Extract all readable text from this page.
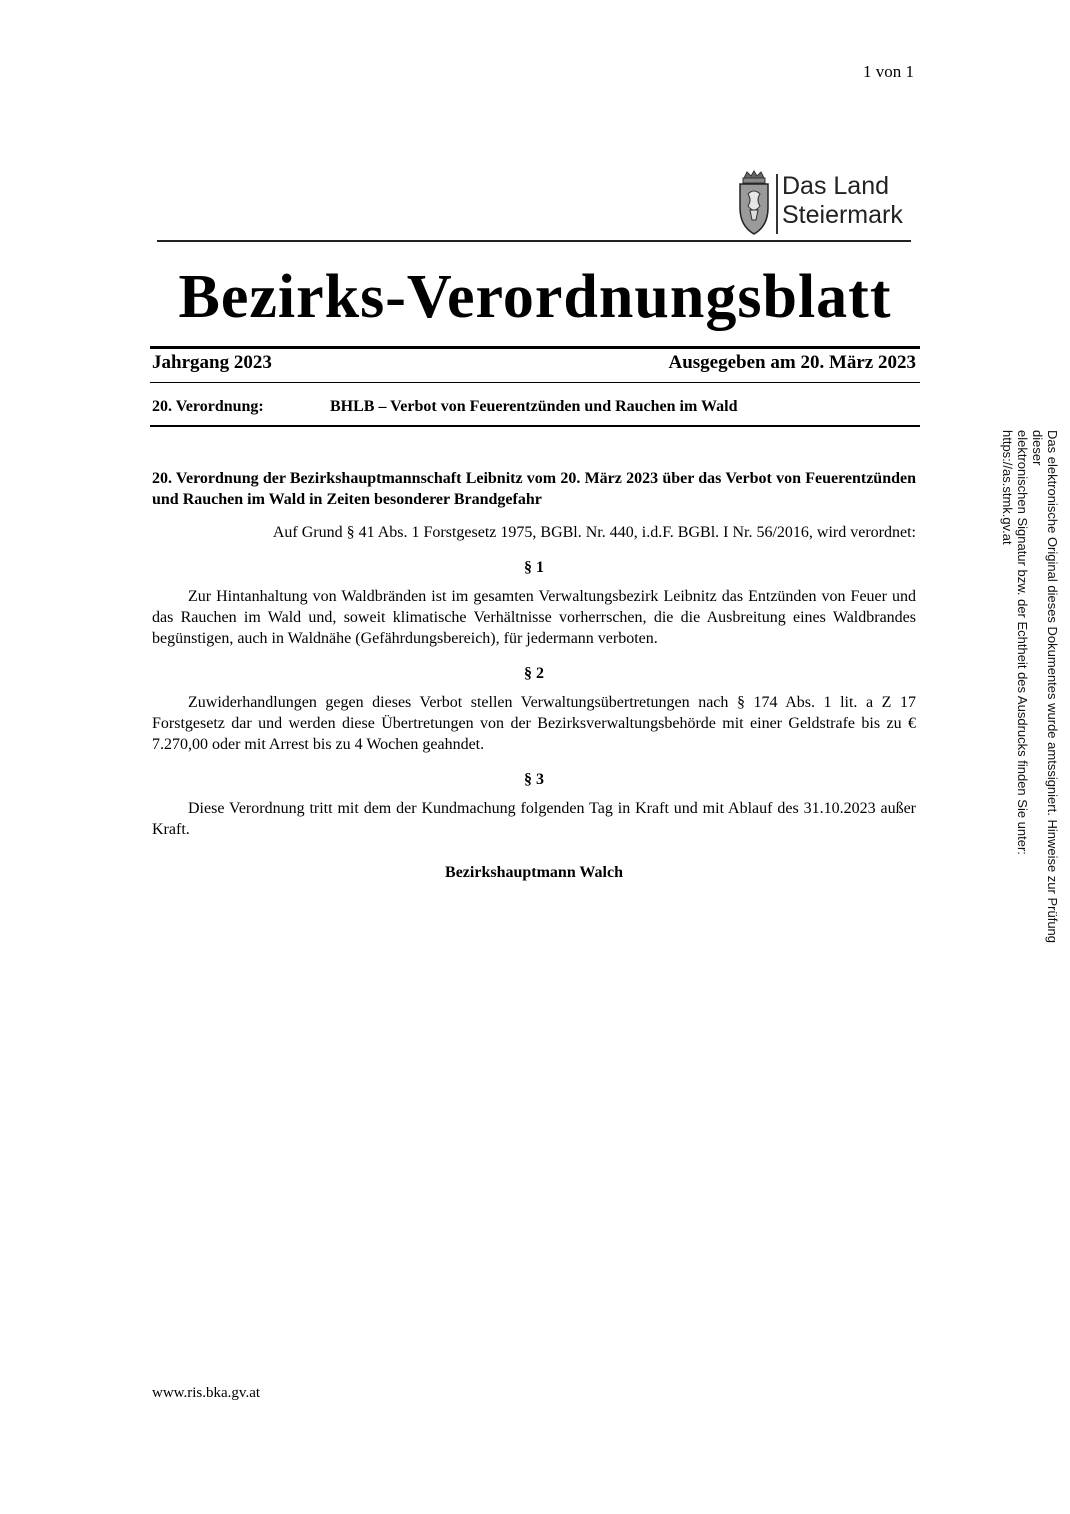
1 von 1
Das Land
Steiermark
Bezirks-Verordnungsblatt
Jahrgang 2023	Ausgegeben am 20. März 2023
20. Verordnung:	BHLB – Verbot von Feuerentzünden und Rauchen im Wald

20. Verordnung der Bezirkshauptmannschaft Leibnitz vom 20. März 2023 über das Verbot von Feuerentzünden und Rauchen im Wald in Zeiten besonderer Brandgefahr

Auf Grund § 41 Abs. 1 Forstgesetz 1975, BGBl. Nr. 440, i.d.F. BGBl. I Nr. 56/2016, wird verordnet:

§ 1

Zur Hintanhaltung von Waldbränden ist im gesamten Verwaltungsbezirk Leibnitz das Entzünden von Feuer und das Rauchen im Wald und, soweit klimatische Verhältnisse vorherrschen, die die Ausbreitung eines Waldbrandes begünstigen, auch in Waldnähe (Gefährdungsbereich), für jedermann verboten.

§ 2

Zuwiderhandlungen gegen dieses Verbot stellen Verwaltungsübertretungen nach § 174 Abs. 1 lit. a Z 17 Forstgesetz dar und werden diese Übertretungen von der Bezirksverwaltungsbehörde mit einer Geldstrafe bis zu € 7.270,00 oder mit Arrest bis zu 4 Wochen geahndet.

§ 3

Diese Verordnung tritt mit dem der Kundmachung folgenden Tag in Kraft und mit Ablauf des 31.10.2023 außer Kraft.

Bezirkshauptmann Walch
www.ris.bka.gv.at
Das elektronische Original dieses Dokumentes wurde amtssigniert. Hinweise zur Prüfung dieser
elektronischen Signatur bzw. der Echtheit des Ausdrucks finden Sie unter: https://as.stmk.gv.at
